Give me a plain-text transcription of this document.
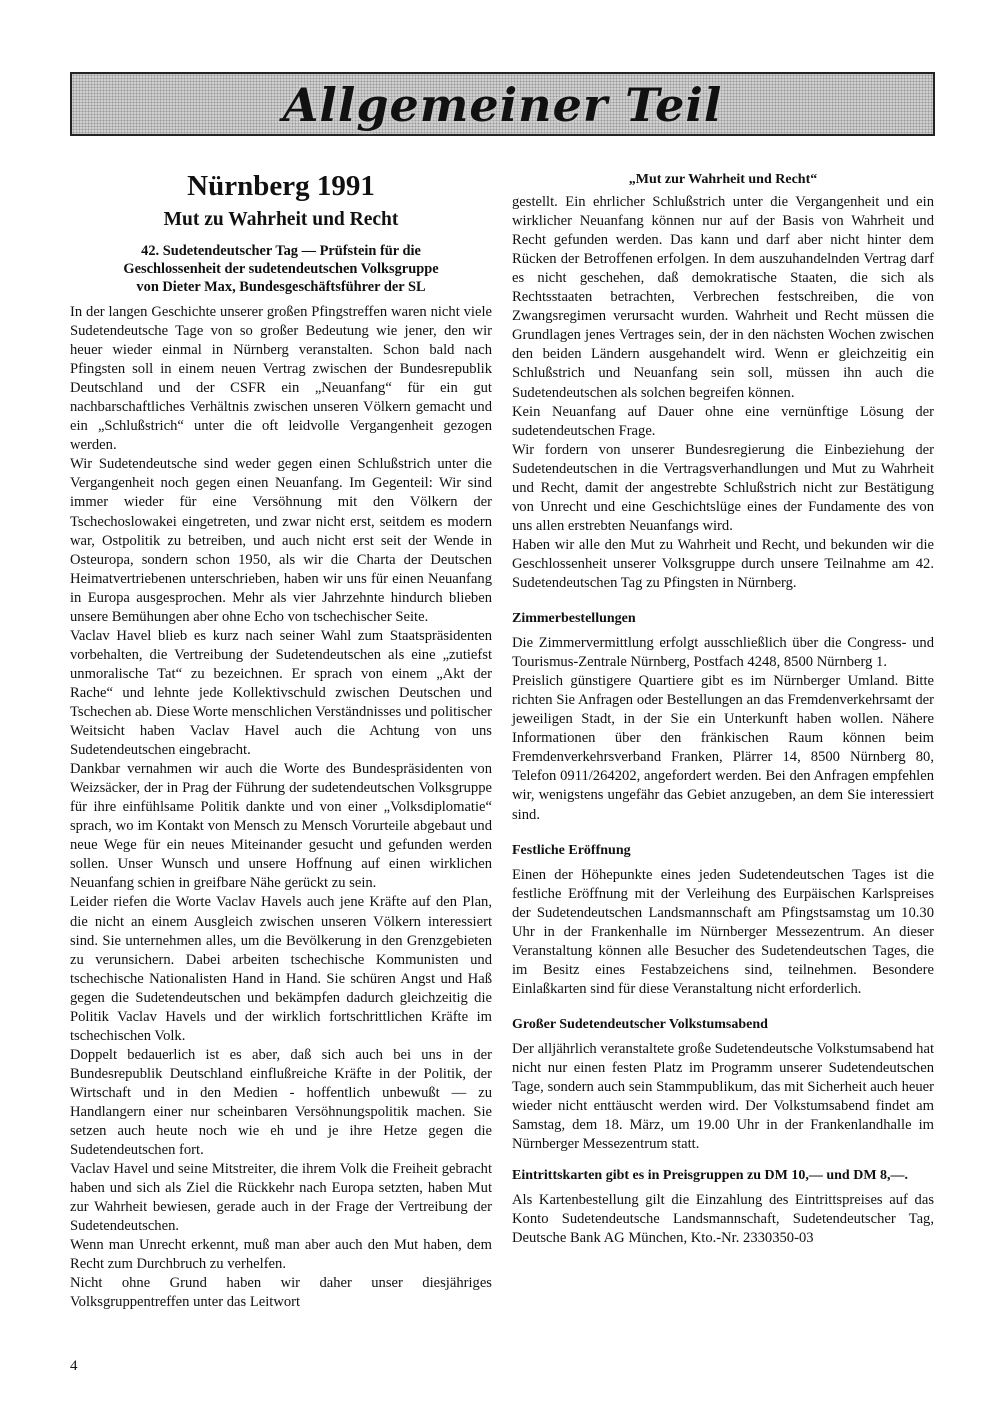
Allgemeiner Teil
Nürnberg 1991
Mut zu Wahrheit und Recht
42. Sudetendeutscher Tag — Prüfstein für die
Geschlossenheit der sudetendeutschen Volksgruppe
von Dieter Max, Bundesgeschäftsführer der SL

In der langen Geschichte unserer großen Pfingstreffen waren nicht viele Sudetendeutsche Tage von so großer Bedeutung wie jener, den wir heuer wieder einmal in Nürnberg veranstalten. Schon bald nach Pfingsten soll in einem neuen Vertrag zwischen der Bundesrepublik Deutschland und der CSFR ein „Neuanfang“ für ein gut nachbarschaftliches Verhältnis zwischen unseren Völkern gemacht und ein „Schlußstrich“ unter die oft leidvolle Vergangenheit gezogen werden.

Wir Sudetendeutsche sind weder gegen einen Schlußstrich unter die Vergangenheit noch gegen einen Neuanfang. Im Gegenteil: Wir sind immer wieder für eine Versöhnung mit den Völkern der Tschechoslowakei eingetreten, und zwar nicht erst, seitdem es modern war, Ostpolitik zu betreiben, und auch nicht erst seit der Wende in Osteuropa, sondern schon 1950, als wir die Charta der Deutschen Heimatvertriebenen unterschrieben, haben wir uns für einen Neuanfang in Europa ausgesprochen. Mehr als vier Jahrzehnte hindurch blieben unsere Bemühungen aber ohne Echo von tschechischer Seite.

Vaclav Havel blieb es kurz nach seiner Wahl zum Staatspräsidenten vorbehalten, die Vertreibung der Sudetendeutschen als eine „zutiefst unmoralische Tat“ zu bezeichnen. Er sprach von einem „Akt der Rache“ und lehnte jede Kollektivschuld zwischen Deutschen und Tschechen ab. Diese Worte menschlichen Verständnisses und politischer Weitsicht haben Vaclav Havel auch die Achtung von uns Sudetendeutschen eingebracht.

Dankbar vernahmen wir auch die Worte des Bundespräsidenten von Weizsäcker, der in Prag der Führung der sudetendeutschen Volksgruppe für ihre einfühlsame Politik dankte und von einer „Volksdiplomatie“ sprach, wo im Kontakt von Mensch zu Mensch Vorurteile abgebaut und neue Wege für ein neues Miteinander gesucht und gefunden werden sollen. Unser Wunsch und unsere Hoffnung auf einen wirklichen Neuanfang schien in greifbare Nähe gerückt zu sein.

Leider riefen die Worte Vaclav Havels auch jene Kräfte auf den Plan, die nicht an einem Ausgleich zwischen unseren Völkern interessiert sind. Sie unternehmen alles, um die Bevölkerung in den Grenzgebieten zu verunsichern. Dabei arbeiten tschechische Kommunisten und tschechische Nationalisten Hand in Hand. Sie schüren Angst und Haß gegen die Sudetendeutschen und bekämpfen dadurch gleichzeitig die Politik Vaclav Havels und der wirklich fortschrittlichen Kräfte im tschechischen Volk.

Doppelt bedauerlich ist es aber, daß sich auch bei uns in der Bundesrepublik Deutschland einflußreiche Kräfte in der Politik, der Wirtschaft und in den Medien - hoffentlich unbewußt — zu Handlangern einer nur scheinbaren Versöhnungspolitik machen. Sie setzen auch heute noch wie eh und je ihre Hetze gegen die Sudetendeutschen fort.

Vaclav Havel und seine Mitstreiter, die ihrem Volk die Freiheit gebracht haben und sich als Ziel die Rückkehr nach Europa setzten, haben Mut zur Wahrheit bewiesen, gerade auch in der Frage der Vertreibung der Sudetendeutschen.

Wenn man Unrecht erkennt, muß man aber auch den Mut haben, dem Recht zum Durchbruch zu verhelfen.

Nicht ohne Grund haben wir daher unser diesjähriges Volksgruppentreffen unter das Leitwort

„Mut zur Wahrheit und Recht“

gestellt. Ein ehrlicher Schlußstrich unter die Vergangenheit und ein wirklicher Neuanfang können nur auf der Basis von Wahrheit und Recht gefunden werden. Das kann und darf aber nicht hinter dem Rücken der Betroffenen erfolgen. In dem auszuhandelnden Vertrag darf es nicht geschehen, daß demokratische Staaten, die sich als Rechtsstaaten betrachten, Verbrechen festschreiben, die von Zwangsregimen verursacht wurden. Wahrheit und Recht müssen die Grundlagen jenes Vertrages sein, der in den nächsten Wochen zwischen den beiden Ländern ausgehandelt wird. Wenn er gleichzeitig ein Schlußstrich und Neuanfang sein soll, müssen ihn auch die Sudetendeutschen als solchen begreifen können.

Kein Neuanfang auf Dauer ohne eine vernünftige Lösung der sudetendeutschen Frage.

Wir fordern von unserer Bundesregierung die Einbeziehung der Sudetendeutschen in die Vertragsverhandlungen und Mut zu Wahrheit und Recht, damit der angestrebte Schlußstrich nicht zur Bestätigung von Unrecht und eine Geschichtslüge eines der Fundamente des von uns allen erstrebten Neuanfangs wird.

Haben wir alle den Mut zu Wahrheit und Recht, und bekunden wir die Geschlossenheit unserer Volksgruppe durch unsere Teilnahme am 42. Sudetendeutschen Tag zu Pfingsten in Nürnberg.

Zimmerbestellungen

Die Zimmervermittlung erfolgt ausschließlich über die Congress- und Tourismus-Zentrale Nürnberg, Postfach 4248, 8500 Nürnberg 1.

Preislich günstigere Quartiere gibt es im Nürnberger Umland. Bitte richten Sie Anfragen oder Bestellungen an das Fremdenverkehrsamt der jeweiligen Stadt, in der Sie ein Unterkunft haben wollen. Nähere Informationen über den fränkischen Raum können beim Fremdenverkehrsverband Franken, Plärrer 14, 8500 Nürnberg 80, Telefon 0911/264202, angefordert werden. Bei den Anfragen empfehlen wir, wenigstens ungefähr das Gebiet anzugeben, an dem Sie interessiert sind.

Festliche Eröffnung

Einen der Höhepunkte eines jeden Sudetendeutschen Tages ist die festliche Eröffnung mit der Verleihung des Eurpäischen Karlspreises der Sudetendeutschen Landsmannschaft am Pfingstsamstag um 10.30 Uhr in der Frankenhalle im Nürnberger Messezentrum. An dieser Veranstaltung können alle Besucher des Sudetendeutschen Tages, die im Besitz eines Festabzeichens sind, teilnehmen. Besondere Einlaßkarten sind für diese Veranstaltung nicht erforderlich.

Großer Sudetendeutscher Volkstumsabend

Der alljährlich veranstaltete große Sudetendeutsche Volkstumsabend hat nicht nur einen festen Platz im Programm unserer Sudetendeutschen Tage, sondern auch sein Stammpublikum, das mit Sicherheit auch heuer wieder nicht enttäuscht werden wird. Der Volkstumsabend findet am Samstag, dem 18. März, um 19.00 Uhr in der Frankenlandhalle im Nürnberger Messezentrum statt.

Eintrittskarten gibt es in Preisgruppen zu DM 10,— und DM 8,—.

Als Kartenbestellung gilt die Einzahlung des Eintrittspreises auf das Konto Sudetendeutsche Landsmannschaft, Sudetendeutscher Tag, Deutsche Bank AG München, Kto.-Nr. 2330350-03

4
